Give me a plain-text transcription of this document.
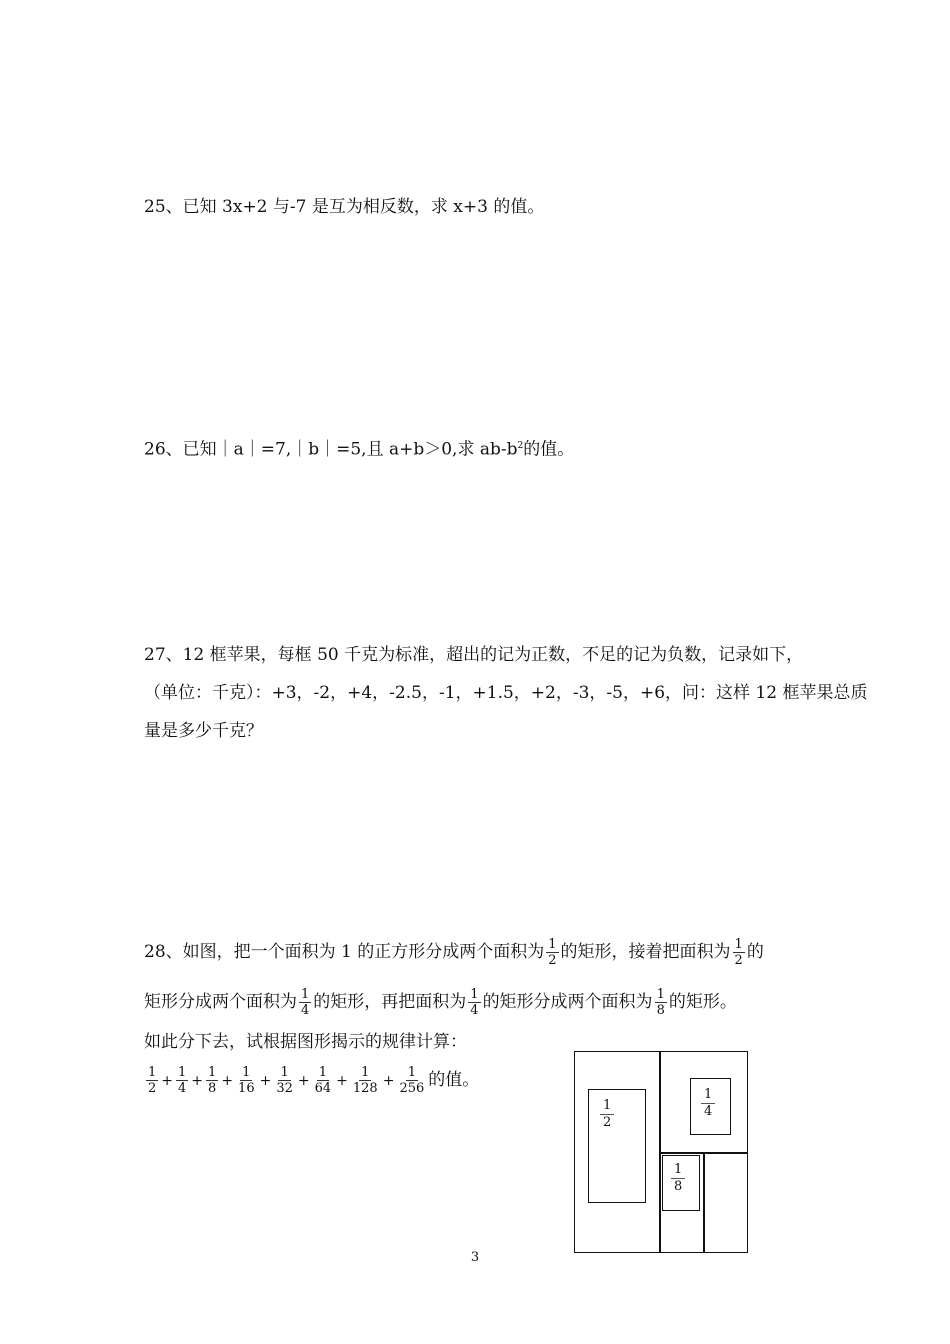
25、已知 3x+2 与-7 是互为相反数，求 x+3 的值。
26、已知｜a｜=7,｜b｜=5,且 a+b＞0,求 $ab-b^2$的值。
27、12 框苹果，每框 50 千克为标准，超出的记为正数，不足的记为负数，记录如下，
（单位：千克）：+3，-2，+4，-2.5，-1，+1.5，+2，-3，-5，+6，问：这样 12 框苹果总质
量是多少千克？
28、如图，把一个面积为 1 的正方形分成两个面积为 $\frac{1}{2}$ 的矩形，接着把面积为 $\frac{1}{2}$ 的
矩形分成两个面积为 $\frac{1}{4}$ 的矩形，再把面积为 $\frac{1}{4}$ 的矩形分成两个面积为 $\frac{1}{8}$ 的矩形。
如此分下去，试根据图形揭示的规律计算：
$\frac{1}{2} + \frac{1}{4} + \frac{1}{8} + \frac{1}{16} + \frac{1}{32} + \frac{1}{64} + \frac{1}{128} + \frac{1}{256}$ 的值。
$\frac{1}{2}$	$\frac{1}{4}$
$\frac{1}{8}$
3
